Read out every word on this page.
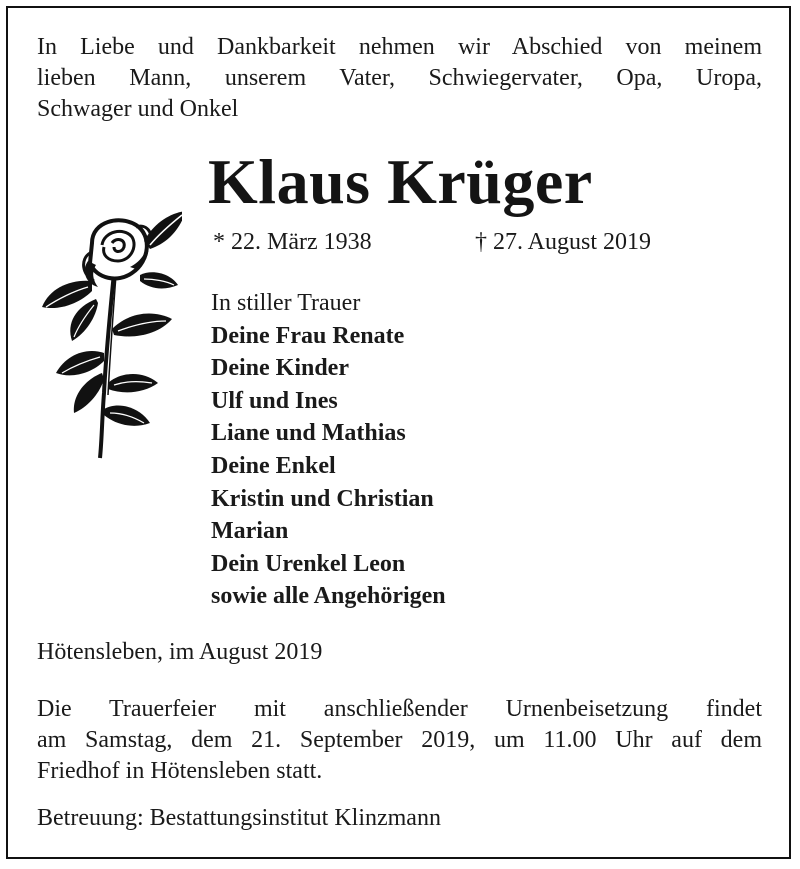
In Liebe und Dankbarkeit nehmen wir Abschied von meinem
lieben Mann, unserem Vater, Schwiegervater, Opa, Uropa,
Schwager und Onkel
Klaus Krüger
* 22. März 1938	† 27. August 2019
In stiller Trauer
Deine Frau Renate
Deine Kinder
Ulf und Ines
Liane und Mathias
Deine Enkel
Kristin und Christian
Marian
Dein Urenkel Leon
sowie alle Angehörigen
Hötensleben, im August 2019
Die Trauerfeier mit anschließender Urnenbeisetzung findet
am Samstag, dem 21. September 2019, um 11.00 Uhr auf dem
Friedhof in Hötensleben statt.
Betreuung: Bestattungsinstitut Klinzmann
